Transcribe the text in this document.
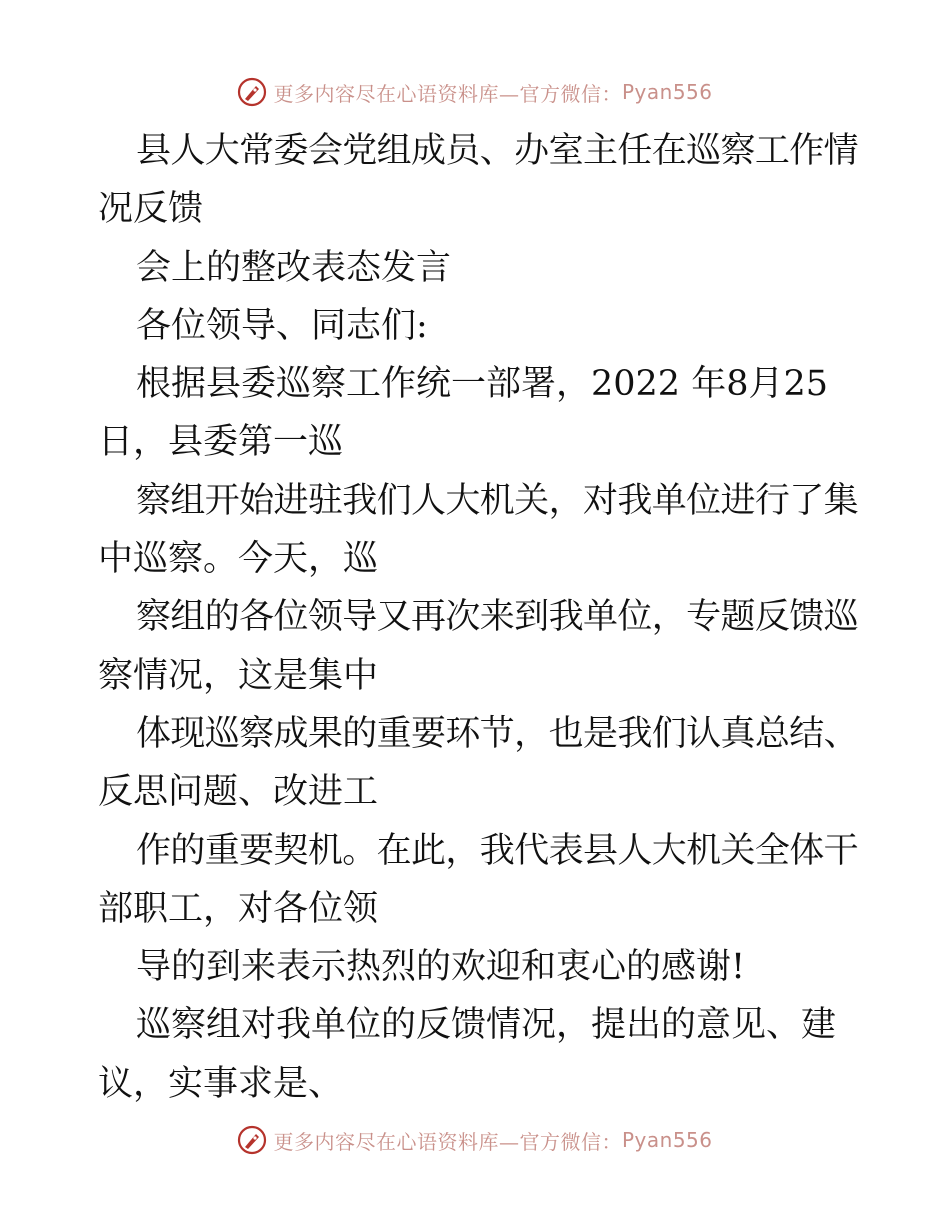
更多内容尽在心语资料库—官方微信： Pyan556
县人大常委会党组成员、办室主任在巡察工作情
况反馈
会上的整改表态发言
各位领导、同志们:
根据县委巡察工作统一部署，2022 年8月25
日，县委第一巡
察组开始进驻我们人大机关，对我单位进行了集
中巡察。今天，巡
察组的各位领导又再次来到我单位，专题反馈巡
察情况，这是集中
体现巡察成果的重要环节，也是我们认真总结、
反思问题、改进工
作的重要契机。在此，我代表县人大机关全体干
部职工，对各位领
导的到来表示热烈的欢迎和衷心的感谢!
巡察组对我单位的反馈情况，提出的意见、建
议，实事求是、
更多内容尽在心语资料库—官方微信： Pyan556
